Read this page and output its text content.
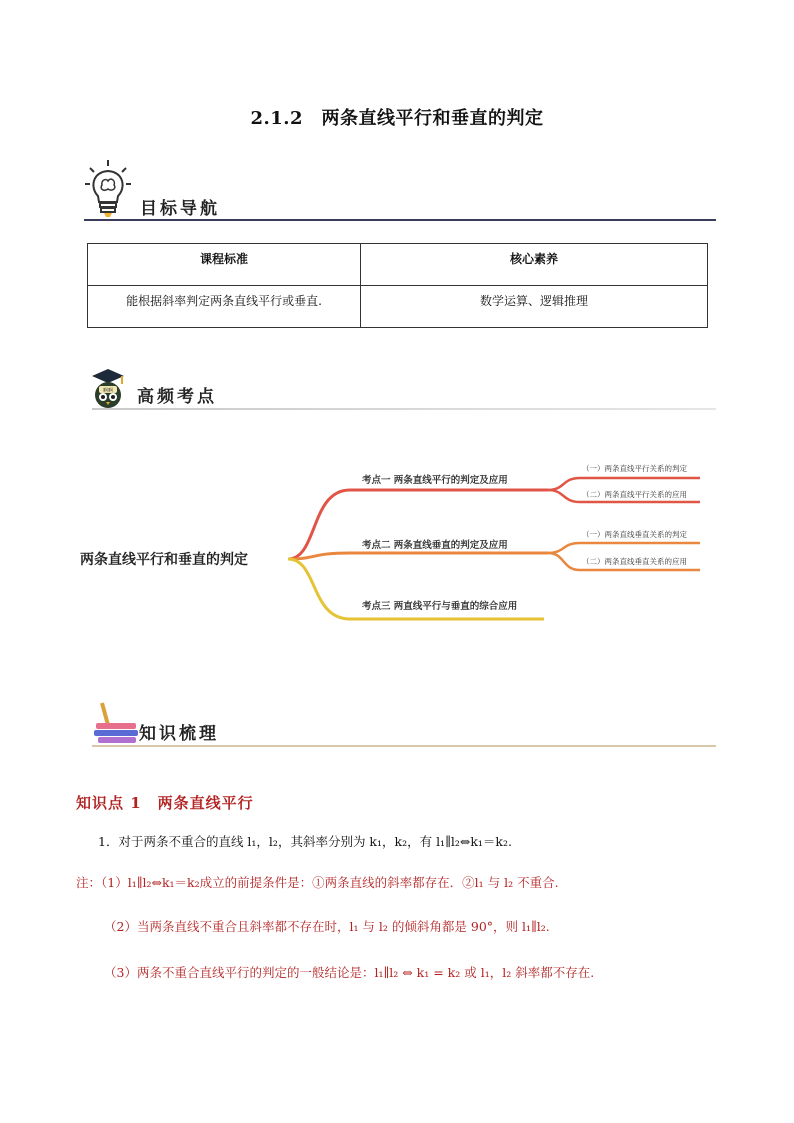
2.1.2　两条直线平行和垂直的判定
目标导航
课程标准	核心素养
能根据斜率判定两条直线平行或垂直.	数学运算、逻辑推理
啊啊 高频考点
两条直线平行和垂直的判定
考点一 两条直线平行的判定及应用
考点二 两条直线垂直的判定及应用
考点三 两直线平行与垂直的综合应用
（一）两条直线平行关系的判定
（二）两条直线平行关系的应用
（一）两条直线垂直关系的判定
（二）两条直线垂直关系的应用
知识梳理
知识点 1　两条直线平行
1．对于两条不重合的直线 l₁，l₂，其斜率分别为 k₁，k₂，有 l₁∥l₂⇔k₁＝k₂.
注：（1）l₁∥l₂⇔k₁＝k₂成立的前提条件是：①两条直线的斜率都存在．②l₁ 与 l₂ 不重合.
（2）当两条直线不重合且斜率都不存在时，l₁ 与 l₂ 的倾斜角都是 90°，则 l₁∥l₂.
（3）两条不重合直线平行的判定的一般结论是：l₁∥l₂ ⇔ k₁ = k₂ 或 l₁，l₂ 斜率都不存在.
